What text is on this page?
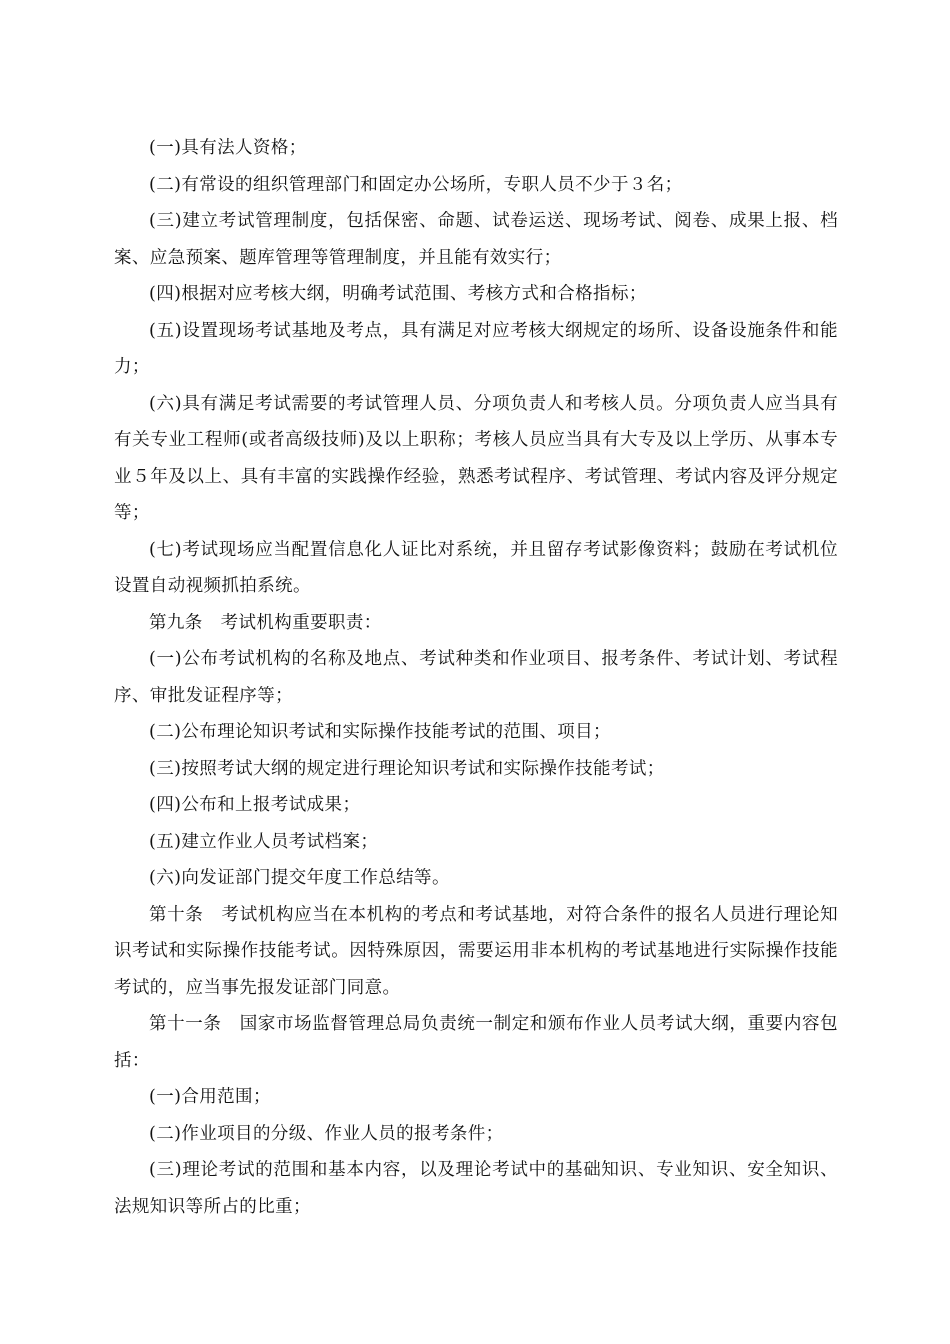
(一)具有法人资格；

(二)有常设的组织管理部门和固定办公场所，专职人员不少于３名；

(三)建立考试管理制度，包括保密、命题、试卷运送、现场考试、阅卷、成果上报、档案、应急预案、题库管理等管理制度，并且能有效实行；

(四)根据对应考核大纲，明确考试范围、考核方式和合格指标；

(五)设置现场考试基地及考点，具有满足对应考核大纲规定的场所、设备设施条件和能力；

(六)具有满足考试需要的考试管理人员、分项负责人和考核人员。分项负责人应当具有有关专业工程师(或者高级技师)及以上职称；考核人员应当具有大专及以上学历、从事本专业５年及以上、具有丰富的实践操作经验，熟悉考试程序、考试管理、考试内容及评分规定等；

(七)考试现场应当配置信息化人证比对系统，并且留存考试影像资料；鼓励在考试机位设置自动视频抓拍系统。

第九条　考试机构重要职责：

(一)公布考试机构的名称及地点、考试种类和作业项目、报考条件、考试计划、考试程序、审批发证程序等；

(二)公布理论知识考试和实际操作技能考试的范围、项目；

(三)按照考试大纲的规定进行理论知识考试和实际操作技能考试；

(四)公布和上报考试成果；

(五)建立作业人员考试档案；

(六)向发证部门提交年度工作总结等。

第十条　考试机构应当在本机构的考点和考试基地，对符合条件的报名人员进行理论知识考试和实际操作技能考试。因特殊原因，需要运用非本机构的考试基地进行实际操作技能考试的，应当事先报发证部门同意。

第十一条　国家市场监督管理总局负责统一制定和颁布作业人员考试大纲，重要内容包括：

(一)合用范围；

(二)作业项目的分级、作业人员的报考条件；

(三)理论考试的范围和基本内容，以及理论考试中的基础知识、专业知识、安全知识、法规知识等所占的比重；
